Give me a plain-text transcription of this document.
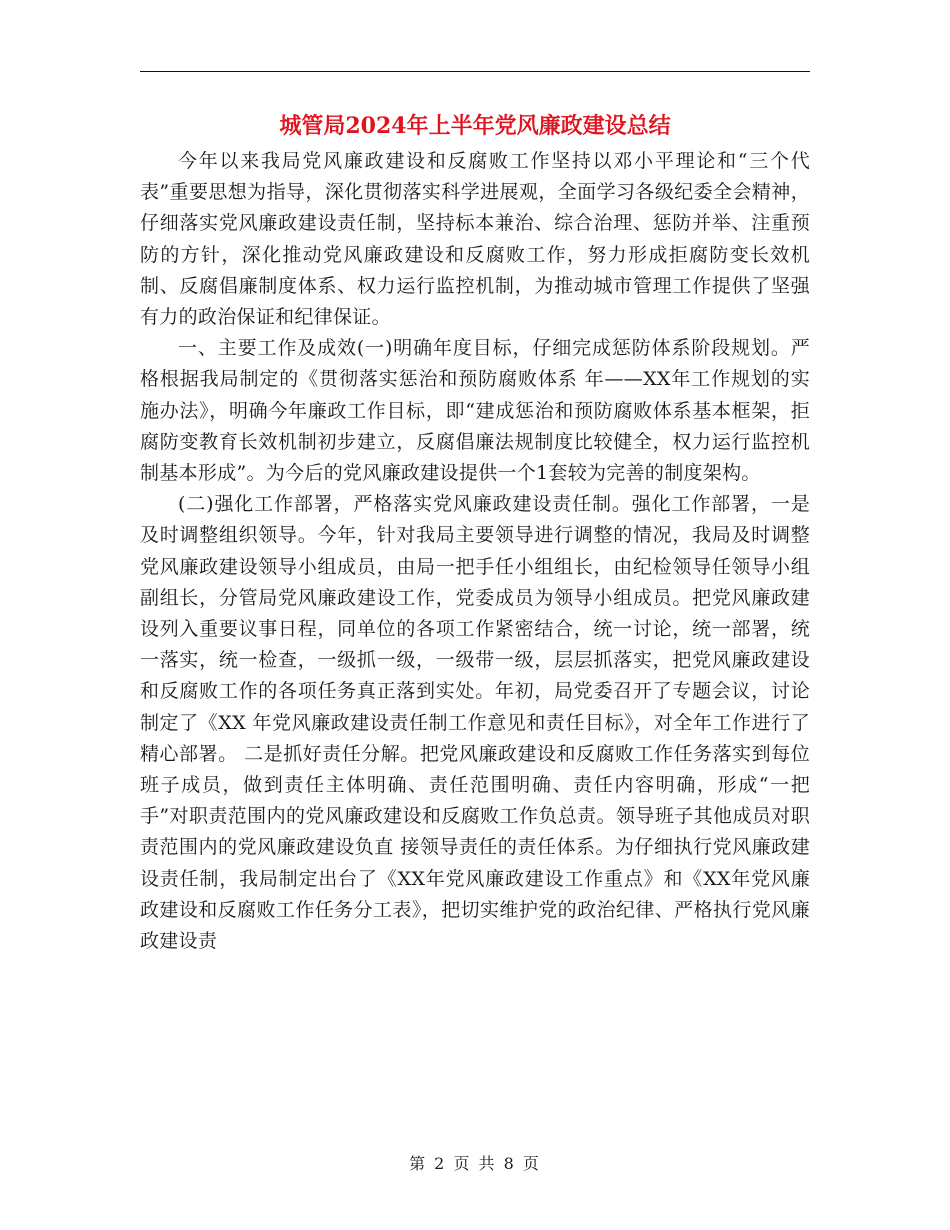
城管局2024年上半年党风廉政建设总结

今年以来我局党风廉政建设和反腐败工作坚持以邓小平理论和“三个代表”重要思想为指导，深化贯彻落实科学进展观，全面学习各级纪委全会精神，仔细落实党风廉政建设责任制，坚持标本兼治、综合治理、惩防并举、注重预防的方针，深化推动党风廉政建设和反腐败工作，努力形成拒腐防变长效机制、反腐倡廉制度体系、权力运行监控机制，为推动城市管理工作提供了坚强有力的政治保证和纪律保证。

一、主要工作及成效(一)明确年度目标，仔细完成惩防体系阶段规划。严格根据我局制定的《贯彻落实惩治和预防腐败体系 年——XX年工作规划的实施办法》，明确今年廉政工作目标，即“建成惩治和预防腐败体系基本框架，拒腐防变教育长效机制初步建立，反腐倡廉法规制度比较健全，权力运行监控机制基本形成”。为今后的党风廉政建设提供一个1套较为完善的制度架构。

(二)强化工作部署，严格落实党风廉政建设责任制。强化工作部署，一是及时调整组织领导。今年，针对我局主要领导进行调整的情况，我局及时调整党风廉政建设领导小组成员，由局一把手任小组组长，由纪检领导任领导小组副组长，分管局党风廉政建设工作，党委成员为领导小组成员。把党风廉政建设列入重要议事日程，同单位的各项工作紧密结合，统一讨论，统一部署，统一落实，统一检查，一级抓一级，一级带一级，层层抓落实，把党风廉政建设和反腐败工作的各项任务真正落到实处。年初，局党委召开了专题会议，讨论制定了《XX 年党风廉政建设责任制工作意见和责任目标》，对全年工作进行了精心部署。 二是抓好责任分解。把党风廉政建设和反腐败工作任务落实到每位班子成员，做到责任主体明确、责任范围明确、责任内容明确，形成“一把手”对职责范围内的党风廉政建设和反腐败工作负总责。领导班子其他成员对职责范围内的党风廉政建设负直 接领导责任的责任体系。为仔细执行党风廉政建设责任制，我局制定出台了《XX年党风廉政建设工作重点》和《XX年党风廉政建设和反腐败工作任务分工表》，把切实维护党的政治纪律、严格执行党风廉政建设责

第 2 页 共 8 页
